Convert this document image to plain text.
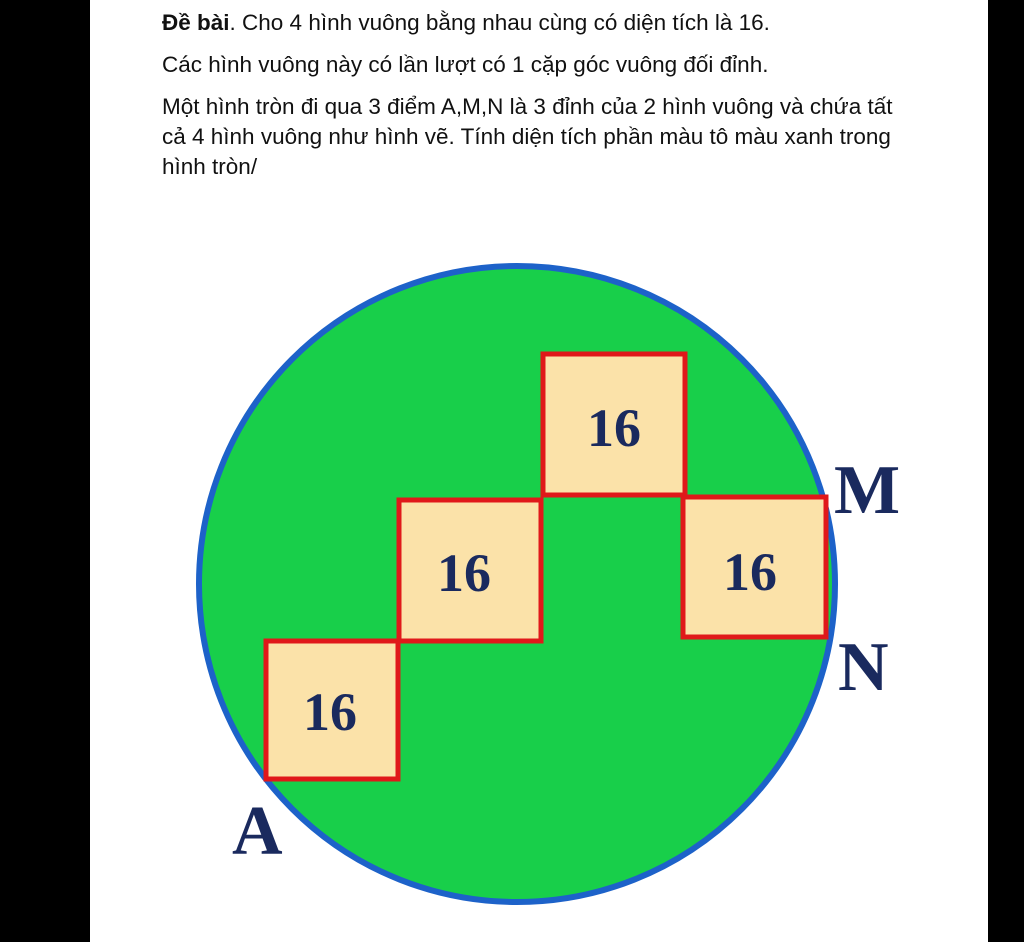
Đề bài. Cho 4 hình vuông bằng nhau cùng có diện tích là 16.

Các hình vuông này có lần lượt có 1 cặp góc vuông đối đỉnh.

Một hình tròn đi qua 3 điểm A,M,N là 3 đỉnh của 2 hình vuông và chứa tất cả 4 hình vuông như hình vẽ. Tính diện tích phần màu tô màu xanh trong hình tròn/

16
16
16
16
A
M
N
